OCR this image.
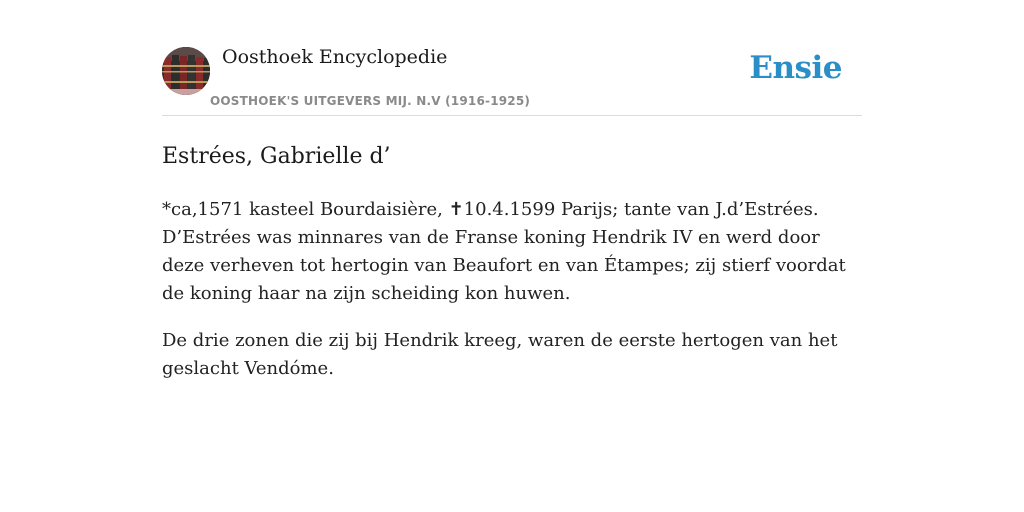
Oosthoek Encyclopedie
OOSTHOEK'S UITGEVERS MIJ. N.V (1916-1925)
Ensie
Estrées, Gabrielle d’

*ca,1571 kasteel Bourdaisière, ✝10.4.1599 Parijs; tante van J.d’Estrées. D’Estrées was minnares van de Franse koning Hendrik IV en werd door deze verheven tot hertogin van Beaufort en van Étampes; zij stierf voordat de koning haar na zijn scheiding kon huwen.

De drie zonen die zij bij Hendrik kreeg, waren de eerste hertogen van het geslacht Vendóme.
